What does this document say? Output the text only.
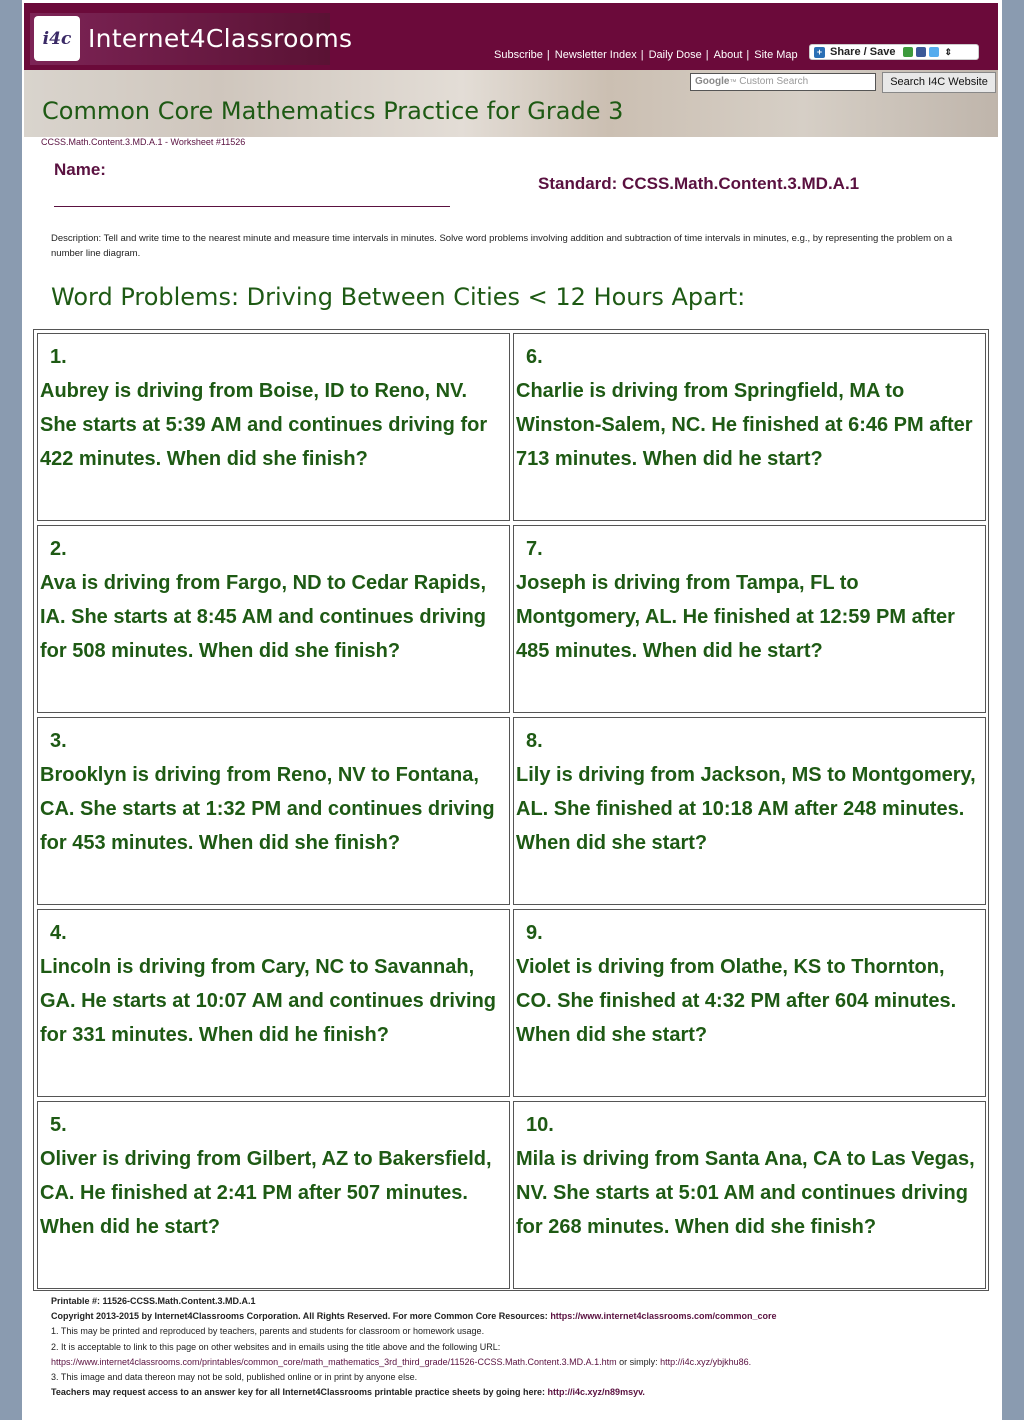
i4c Internet4Classrooms
Subscribe | Newsletter Index | Daily Dose | About | Site Map	+ Share / Save	⇕
Google™ Custom Search	Search I4C Website
Common Core Mathematics Practice for Grade 3
CCSS.Math.Content.3.MD.A.1 - Worksheet #11526
Name:
Standard: CCSS.Math.Content.3.MD.A.1
Description: Tell and write time to the nearest minute and measure time intervals in minutes. Solve word problems involving addition and subtraction of time intervals in minutes, e.g., by representing the problem on a number line diagram.
Word Problems: Driving Between Cities < 12 Hours Apart:
1.
Aubrey is driving from Boise, ID to Reno, NV. She starts at 5:39 AM and continues driving for 422 minutes. When did she finish?
2.
Ava is driving from Fargo, ND to Cedar Rapids, IA. She starts at 8:45 AM and continues driving for 508 minutes. When did she finish?
3.
Brooklyn is driving from Reno, NV to Fontana, CA. She starts at 1:32 PM and continues driving for 453 minutes. When did she finish?
4.
Lincoln is driving from Cary, NC to Savannah, GA. He starts at 10:07 AM and continues driving for 331 minutes. When did he finish?
5.
Oliver is driving from Gilbert, AZ to Bakersfield, CA. He finished at 2:41 PM after 507 minutes. When did he start?
6.
Charlie is driving from Springfield, MA to Winston-Salem, NC. He finished at 6:46 PM after 713 minutes. When did he start?
7.
Joseph is driving from Tampa, FL to Montgomery, AL. He finished at 12:59 PM after 485 minutes. When did he start?
8.
Lily is driving from Jackson, MS to Montgomery, AL. She finished at 10:18 AM after 248 minutes. When did she start?
9.
Violet is driving from Olathe, KS to Thornton, CO. She finished at 4:32 PM after 604 minutes. When did she start?
10.
Mila is driving from Santa Ana, CA to Las Vegas, NV. She starts at 5:01 AM and continues driving for 268 minutes. When did she finish?
Printable #: 11526-CCSS.Math.Content.3.MD.A.1
Copyright 2013-2015 by Internet4Classrooms Corporation. All Rights Reserved. For more Common Core Resources: https://www.internet4classrooms.com/common_core
1. This may be printed and reproduced by teachers, parents and students for classroom or homework usage.
2. It is acceptable to link to this page on other websites and in emails using the title above and the following URL:
https://www.internet4classrooms.com/printables/common_core/math_mathematics_3rd_third_grade/11526-CCSS.Math.Content.3.MD.A.1.htm or simply: http://i4c.xyz/ybjkhu86.
3. This image and data thereon may not be sold, published online or in print by anyone else.
Teachers may request access to an answer key for all Internet4Classrooms printable practice sheets by going here: http://i4c.xyz/n89msyv.
